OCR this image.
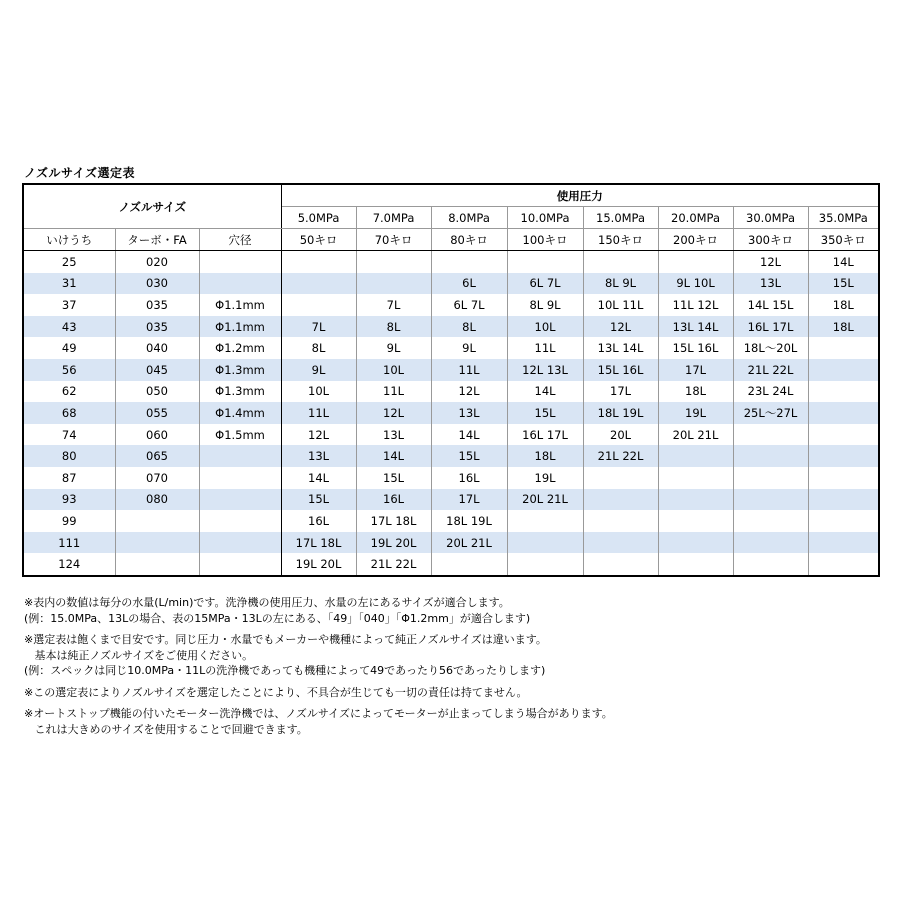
ノズルサイズ選定表
ノズルサイズ			使用圧力							
			5.0MPa	7.0MPa	8.0MPa	10.0MPa	15.0MPa	20.0MPa	30.0MPa	35.0MPa
いけうち	ターボ・FA	穴径	50キロ	70キロ	80キロ	100キロ	150キロ	200キロ	300キロ	350キロ
25	020								12L	14L
31	030				6L	6L 7L	8L 9L	9L 10L	13L	15L
37	035	Φ1.1mm		7L	6L 7L	8L 9L	10L 11L	11L 12L	14L 15L	18L
43	035	Φ1.1mm	7L	8L	8L	10L	12L	13L 14L	16L 17L	18L
49	040	Φ1.2mm	8L	9L	9L	11L	13L 14L	15L 16L	18L～20L	
56	045	Φ1.3mm	9L	10L	11L	12L 13L	15L 16L	17L	21L 22L	
62	050	Φ1.3mm	10L	11L	12L	14L	17L	18L	23L 24L	
68	055	Φ1.4mm	11L	12L	13L	15L	18L 19L	19L	25L～27L	
74	060	Φ1.5mm	12L	13L	14L	16L 17L	20L	20L 21L		
80	065		13L	14L	15L	18L	21L 22L			
87	070		14L	15L	16L	19L				
93	080		15L	16L	17L	20L 21L				
99			16L	17L 18L	18L 19L					
111			17L 18L	19L 20L	20L 21L					
124			19L 20L	21L 22L						

※表内の数値は毎分の水量(L/min)です。洗浄機の使用圧力、水量の左にあるサイズが適合します。

(例：15.0MPa、13Lの場合、表の15MPa・13Lの左にある、「49」「040」「Φ1.2mm」が適合します)

※選定表は飽くまで目安です。同じ圧力・水量でもメーカーや機種によって純正ノズルサイズは違います。

基本は純正ノズルサイズをご使用ください。

(例：スペックは同じ10.0MPa・11Lの洗浄機であっても機種によって49であったり56であったりします)

※この選定表によりノズルサイズを選定したことにより、不具合が生じても一切の責任は持てません。

※オートストップ機能の付いたモーター洗浄機では、ノズルサイズによってモーターが止まってしまう場合があります。

これは大きめのサイズを使用することで回避できます。
